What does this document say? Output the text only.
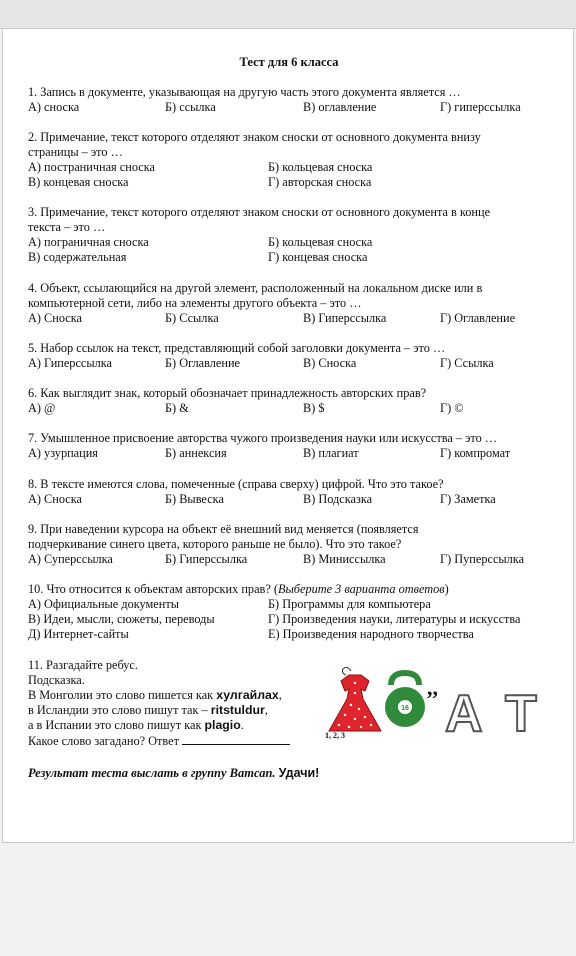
Тест для 6 класса
1. Запись в документе, указывающая на другую часть этого документа является …
А) сноска	Б) ссылка	В) оглавление	Г) гиперссылка
2. Примечание, текст которого отделяют знаком сноски от основного документа внизу
страницы – это …
А) постраничная сноска	Б) кольцевая сноска
В) концевая сноска	Г) авторская сноска
3. Примечание, текст которого отделяют знаком сноски от основного документа в конце
текста – это …
А) пограничная сноска	Б) кольцевая сноска
В) содержательная	Г) концевая сноска
4. Объект, ссылающийся на другой элемент, расположенный на локальном диске или в
компьютерной сети, либо на элементы другого объекта – это …
А) Сноска	Б) Ссылка	В) Гиперссылка	Г) Оглавление
5. Набор ссылок на текст, представляющий собой заголовки документа – это …
А) Гиперссылка	Б) Оглавление	В) Сноска	Г) Ссылка
6. Как выглядит знак, который обозначает принадлежность авторских прав?
А) @	Б) &	В) $	Г) ©
7. Умышленное присвоение авторства чужого произведения науки или искусства – это …
А) узурпация	Б) аннексия	В) плагиат	Г) компромат
8. В тексте имеются слова, помеченные (справа сверху) цифрой. Что это такое?
А) Сноска	Б) Вывеска	В) Подсказка	Г) Заметка
9. При наведении курсора на объект её внешний вид меняется (появляется
подчеркивание синего цвета, которого раньше не было). Что это такое?
А) Суперссылка	Б) Гиперссылка	В) Миниссылка	Г) Пуперссылка
10. Что относится к объектам авторских прав? (Выберите 3 варианта ответов)
А) Официальные документы	Б) Программы для компьютера
В) Идеи, мысли, сюжеты, переводы	Г) Произведения науки, литературы и искусства
Д) Интернет-сайты	Е) Произведения народного творчества
11. Разгадайте ребус.
Подсказка.
В Монголии это слово пишется как хулгайлах,
в Исландии это слово пишут так – ritstuldur,
а в Испании это слово пишут как plagio.
Какое слово загадано? Ответ
16
,, А Т
1, 2, 3
Результат теста выслать в группу Ватсап. Удачи!
